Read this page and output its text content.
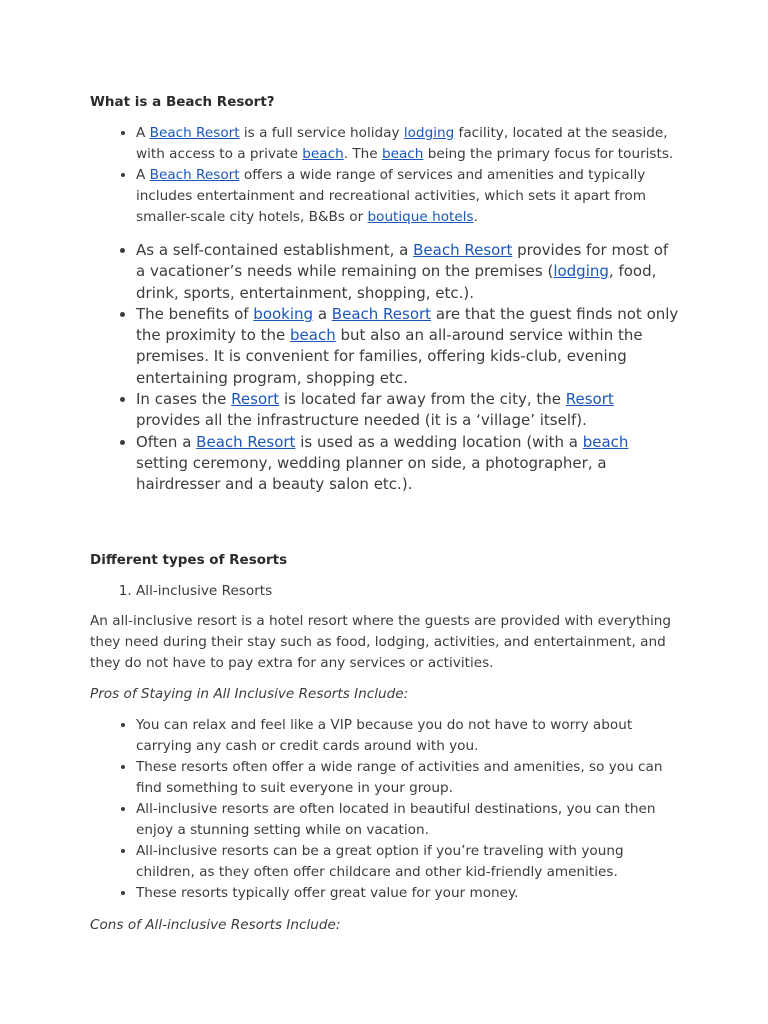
What is a Beach Resort?
• A Beach Resort is a full service holiday lodging facility, located at the seaside, with access to a private beach. The beach being the primary focus for tourists.
• A Beach Resort offers a wide range of services and amenities and typically includes entertainment and recreational activities, which sets it apart from smaller-scale city hotels, B&Bs or boutique hotels.
• As a self-contained establishment, a Beach Resort provides for most of a vacationer’s needs while remaining on the premises (lodging, food, drink, sports, entertainment, shopping, etc.).
• The benefits of booking a Beach Resort are that the guest finds not only the proximity to the beach but also an all-around service within the premises. It is convenient for families, offering kids-club, evening entertaining program, shopping etc.
• In cases the Resort is located far away from the city, the Resort provides all the infrastructure needed (it is a ‘village’ itself).
• Often a Beach Resort is used as a wedding location (with a beach setting ceremony, wedding planner on side, a photographer, a hairdresser and a beauty salon etc.).
Different types of Resorts
1. All-inclusive Resorts

An all-inclusive resort is a hotel resort where the guests are provided with everything they need during their stay such as food, lodging, activities, and entertainment, and they do not have to pay extra for any services or activities.

Pros of Staying in All Inclusive Resorts Include:

• You can relax and feel like a VIP because you do not have to worry about carrying any cash or credit cards around with you.
• These resorts often offer a wide range of activities and amenities, so you can find something to suit everyone in your group.
• All-inclusive resorts are often located in beautiful destinations, you can then enjoy a stunning setting while on vacation.
• All-inclusive resorts can be a great option if you’re traveling with young children, as they often offer childcare and other kid-friendly amenities.
• These resorts typically offer great value for your money.

Cons of All-inclusive Resorts Include:
